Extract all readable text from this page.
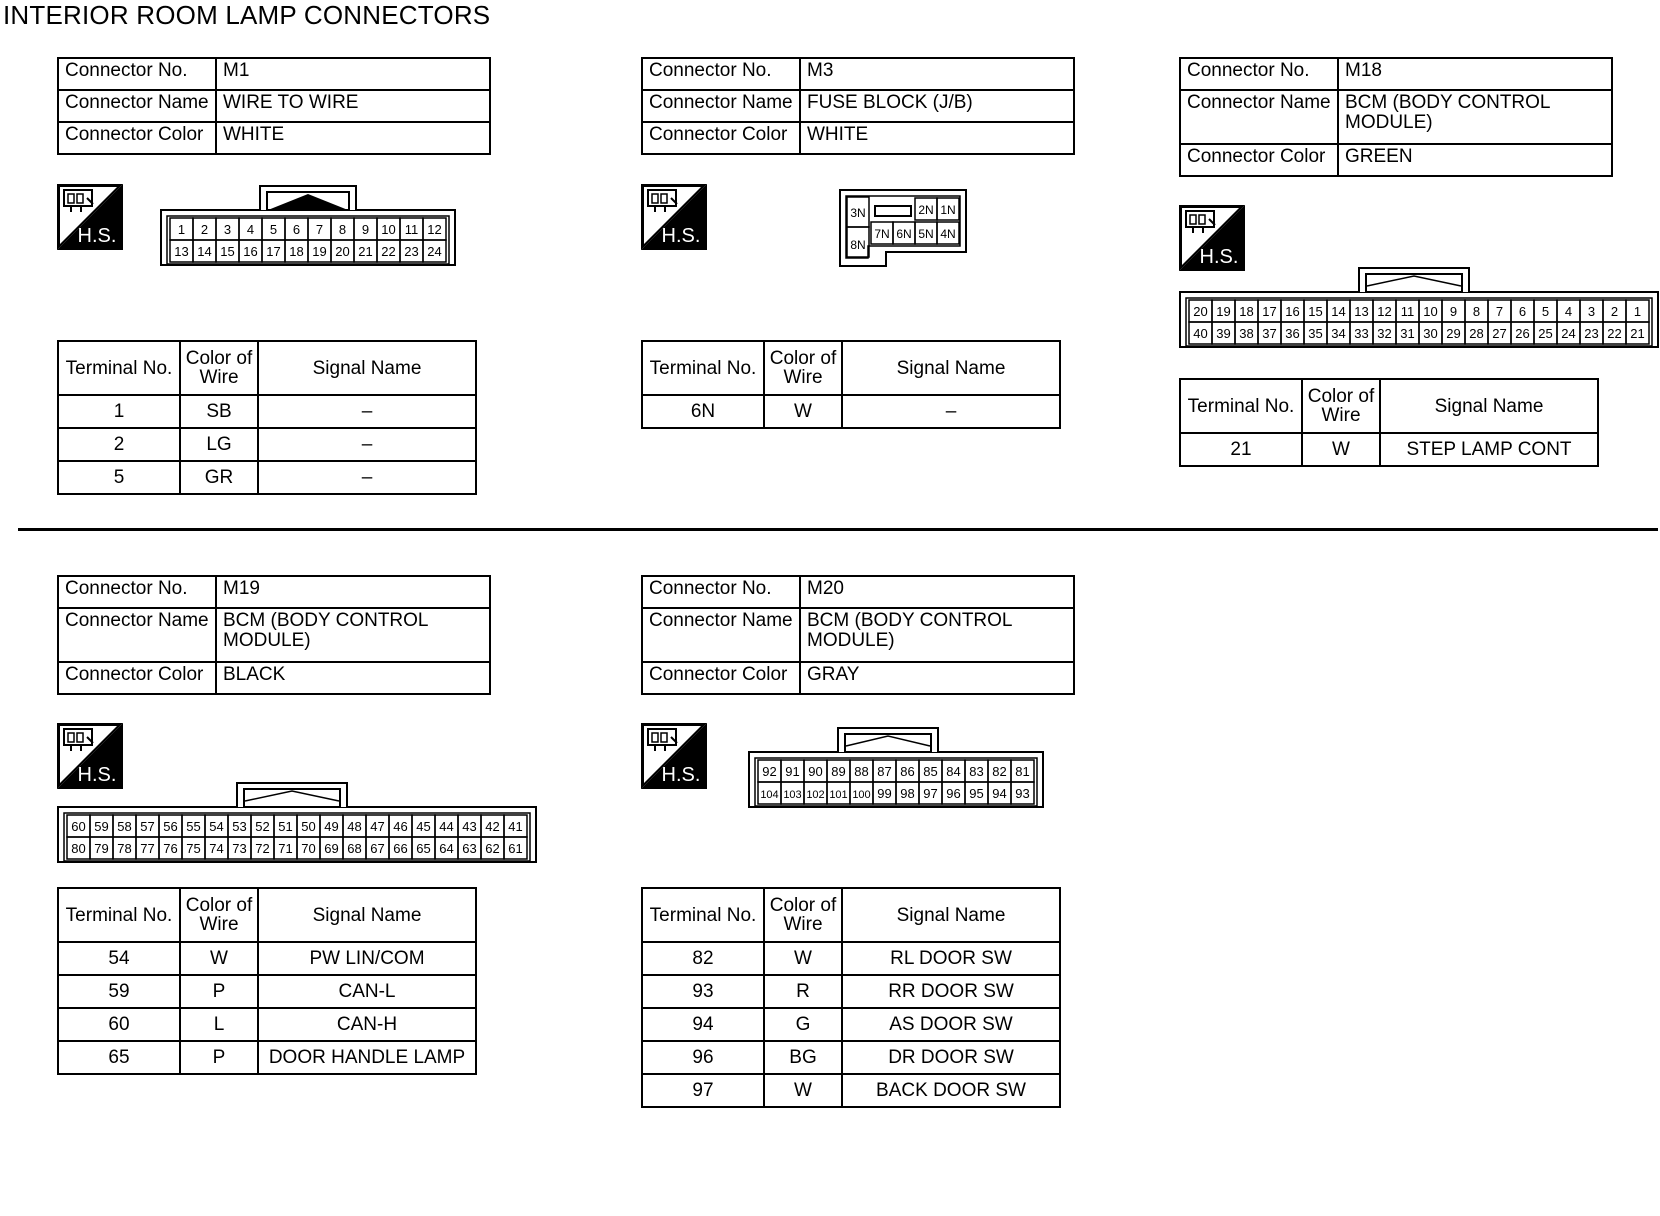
INTERIOR ROOM LAMP CONNECTORS
Connector No.	M1
Connector Name	WIRE TO WIRE
Connector Color	WHITE
H.S.	1 2 3 4 5 6 7 8 9 10 11 12
13 14 15 16 17 18 19 20 21 22 23 24
Terminal No.	Color of Wire	Signal Name
1	SB	–
2	LG	–
5	GR	–
Connector No.	M3
Connector Name	FUSE BLOCK (J/B)
Connector Color	WHITE
H.S.
3N
8N
2N 1N
7N 6N 5N 4N
Terminal No.	Color of Wire	Signal Name
6N	W	–
Connector No.	M18
Connector Name	BCM (BODY CONTROL MODULE)
Connector Color	GREEN
H.S.
20 19 18 17 16 15 14 13 12 11 10 9 8 7 6 5 4 3 2 1
40 39 38 37 36 35 34 33 32 31 30 29 28 27 26 25 24 23 22 21
Terminal No.	Color of Wire	Signal Name
21	W	STEP LAMP CONT
Connector No.	M19
Connector Name	BCM (BODY CONTROL MODULE)
Connector Color	BLACK
H.S.
60 59 58 57 56 55 54 53 52 51 50 49 48 47 46 45 44 43 42 41
80 79 78 77 76 75 74 73 72 71 70 69 68 67 66 65 64 63 62 61
Terminal No.	Color of Wire	Signal Name
54	W	PW LIN/COM
59	P	CAN-L
60	L	CAN-H
65	P	DOOR HANDLE LAMP
Connector No.	M20
Connector Name	BCM (BODY CONTROL MODULE)
Connector Color	GRAY
H.S.	92 91 90 89 88 87 86 85 84 83 82 81
104 103 102 101 100 99 98 97 96 95 94 93
Terminal No.	Color of Wire	Signal Name
82	W	RL DOOR SW
93	R	RR DOOR SW
94	G	AS DOOR SW
96	BG	DR DOOR SW
97	W	BACK DOOR SW
